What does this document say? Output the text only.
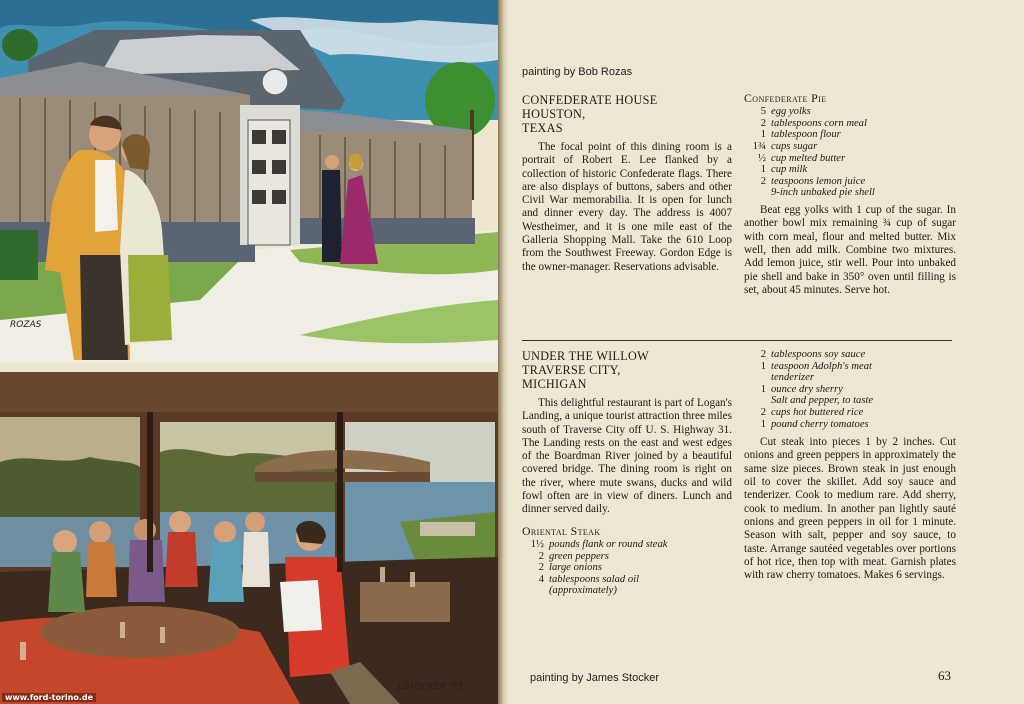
ROZAS
J.STOCKER '73
www.ford-torino.de
painting by Bob Rozas
CONFEDERATE HOUSE
HOUSTON,
TEXAS

The focal point of this dining room is a portrait of Robert E. Lee flanked by a collection of historic Confederate flags. There are also displays of buttons, sabers and other Civil War memorabilia. It is open for lunch and dinner every day. The address is 4007 Westheimer, and it is one mile east of the Galleria Shopping Mall. Take the 610 Loop from the Southwest Freeway. Gordon Edge is the owner-manager. Reservations advisable.

Confederate Pie
5 egg yolks
2 tablespoons corn meal
1 tablespoon flour
1¾ cups sugar
½ cup melted butter
1 cup milk
2 teaspoons lemon juice
9-inch unbaked pie shell

Beat egg yolks with 1 cup of the sugar. In another bowl mix remaining ¾ cup of sugar with corn meal, flour and melted butter. Mix well, then add milk. Combine two mixtures. Add lemon juice, stir well. Pour into unbaked pie shell and bake in 350° oven until filling is set, about 45 minutes. Serve hot.

UNDER THE WILLOW
TRAVERSE CITY,
MICHIGAN

This delightful restaurant is part of Logan's Landing, a unique tourist attraction three miles south of Traverse City off U. S. Highway 31. The Landing rests on the east and west edges of the Boardman River joined by a beautiful covered bridge. The dining room is right on the river, where mute swans, ducks and wild fowl often are in view of diners. Lunch and dinner served daily.

Oriental Steak
1½ pounds flank or round steak
2 green peppers
2 large onions
4 tablespoons salad oil
(approximately)
2 tablespoons soy sauce
1 teaspoon Adolph's meat
tenderizer
1 ounce dry sherry
Salt and pepper, to taste
2 cups hot buttered rice
1 pound cherry tomatoes

Cut steak into pieces 1 by 2 inches. Cut onions and green peppers in approximately the same size pieces. Brown steak in just enough oil to cover the skillet. Add soy sauce and tenderizer. Cook to medium rare. Add sherry, cook to medium. In another pan lightly sauté onions and green peppers in oil for 1 minute. Season with salt, pepper and soy sauce, to taste. Arrange sautéed vegetables over portions of hot rice, then top with meat. Garnish plates with raw cherry tomatoes. Makes 6 servings.

painting by James Stocker	63
